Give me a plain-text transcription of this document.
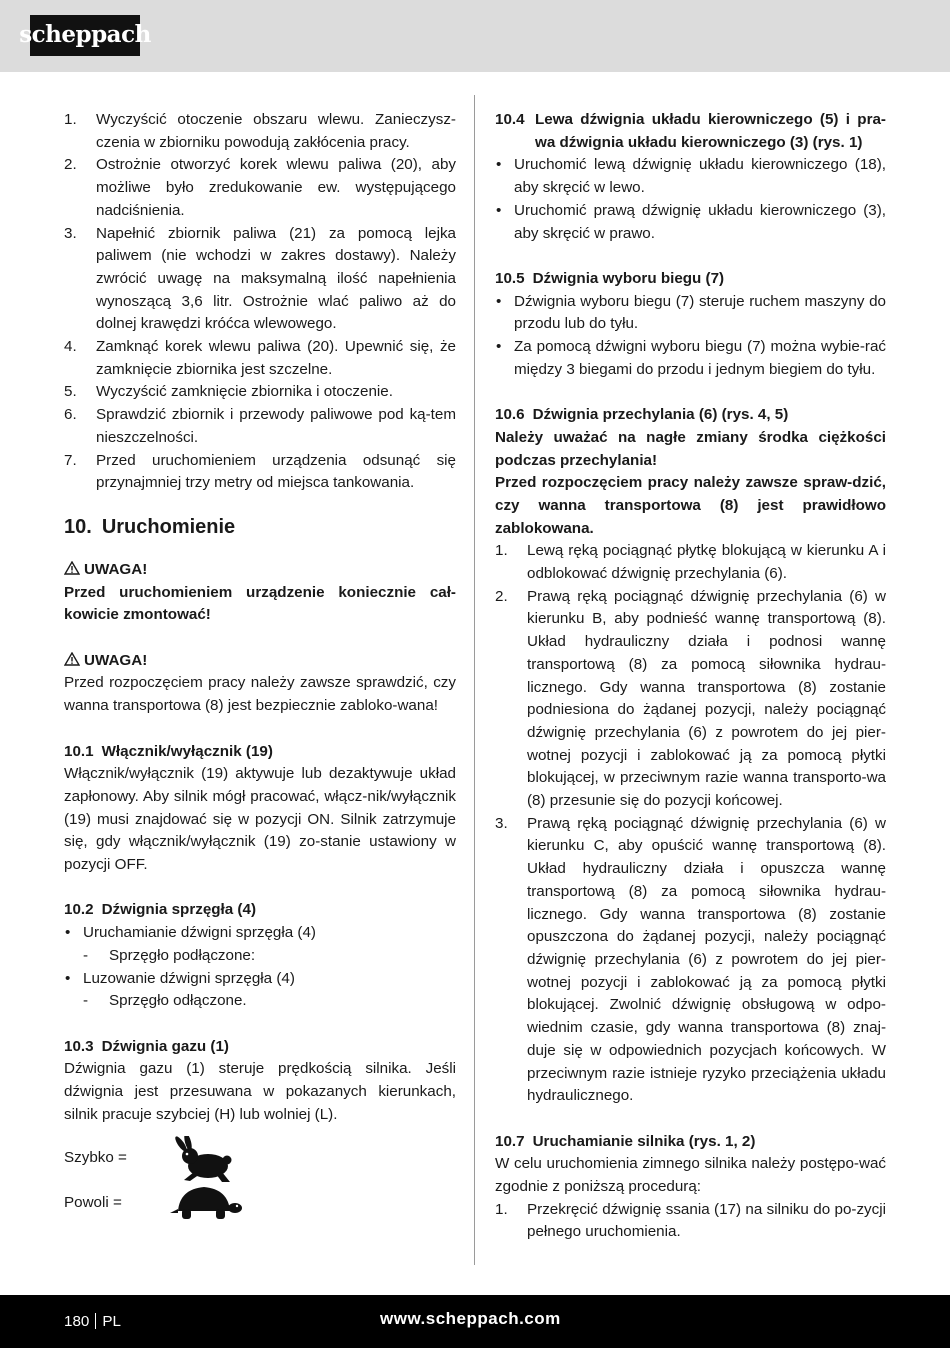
scheppach
1. Wyczyścić otoczenie obszaru wlewu. Zanieczysz-czenia w zbiorniku powodują zakłócenia pracy.
2. Ostrożnie otworzyć korek wlewu paliwa (20), aby możliwe było zredukowanie ew. występującego nadciśnienia.
3. Napełnić zbiornik paliwa (21) za pomocą lejka paliwem (nie wchodzi w zakres dostawy). Należy zwrócić uwagę na maksymalną ilość napełnienia wynoszącą 3,6 litr. Ostrożnie wlać paliwo aż do dolnej krawędzi króćca wlewowego.
4. Zamknąć korek wlewu paliwa (20). Upewnić się, że zamknięcie zbiornika jest szczelne.
5. Wyczyścić zamknięcie zbiornika i otoczenie.
6. Sprawdzić zbiornik i przewody paliwowe pod ką-tem nieszczelności.
7. Przed uruchomieniem urządzenia odsunąć się przynajmniej trzy metry od miejsca tankowania.
10. Uruchomienie

UWAGA!

Przed uruchomieniem urządzenie koniecznie cał-kowicie zmontować!

UWAGA!

Przed rozpoczęciem pracy należy zawsze sprawdzić, czy wanna transportowa (8) jest bezpiecznie zabloko-wana!

10.1 Włącznik/wyłącznik (19)

Włącznik/wyłącznik (19) aktywuje lub dezaktywuje układ zapłonowy. Aby silnik mógł pracować, włącz-nik/wyłącznik (19) musi znajdować się w pozycji ON. Silnik zatrzymuje się, gdy włącznik/wyłącznik (19) zo-stanie ustawiony w pozycji OFF.

10.2 Dźwignia sprzęgła (4)

• Uruchamianie dźwigni sprzęgła (4)

- Sprzęgło podłączone:

• Luzowanie dźwigni sprzęgła (4)

- Sprzęgło odłączone.

10.3 Dźwignia gazu (1)

Dźwignia gazu (1) steruje prędkością silnika. Jeśli dźwignia jest przesuwana w pokazanych kierunkach, silnik pracuje szybciej (H) lub wolniej (L).

Szybko =
Powoli =

10.4 Lewa dźwignia układu kierowniczego (5) i pra-wa dźwignia układu kierowniczego (3) (rys. 1)

• Uruchomić lewą dźwignię układu kierowniczego (18), aby skręcić w lewo.
• Uruchomić prawą dźwignię układu kierowniczego (3), aby skręcić w prawo.

10.5 Dźwignia wyboru biegu (7)

• Dźwignia wyboru biegu (7) steruje ruchem maszyny do przodu lub do tyłu.
• Za pomocą dźwigni wyboru biegu (7) można wybie-rać między 3 biegami do przodu i jednym biegiem do tyłu.

10.6 Dźwignia przechylania (6) (rys. 4, 5)

Należy uważać na nagłe zmiany środka ciężkości podczas przechylania!

Przed rozpoczęciem pracy należy zawsze spraw-dzić, czy wanna transportowa (8) jest prawidłowo zablokowana.

1. Lewą ręką pociągnąć płytkę blokującą w kierunku A i odblokować dźwignię przechylania (6).
2. Prawą ręką pociągnąć dźwignię przechylania (6) w kierunku B, aby podnieść wannę transportową (8). Układ hydrauliczny działa i podnosi wannę transportową (8) za pomocą siłownika hydrau-licznego. Gdy wanna transportowa (8) zostanie podniesiona do żądanej pozycji, należy pociągnąć dźwignię przechylania (6) z powrotem do jej pier-wotnej pozycji i zablokować ją za pomocą płytki blokującej, w przeciwnym razie wanna transporto-wa (8) przesunie się do pozycji końcowej.
3. Prawą ręką pociągnąć dźwignię przechylania (6) w kierunku C, aby opuścić wannę transportową (8). Układ hydrauliczny działa i opuszcza wannę transportową (8) za pomocą siłownika hydrau-licznego. Gdy wanna transportowa (8) zostanie opuszczona do żądanej pozycji, należy pociągnąć dźwignię przechylania (6) z powrotem do jej pier-wotnej pozycji i zablokować ją za pomocą płytki blokującej. Zwolnić dźwignię obsługową w odpo-wiednim czasie, gdy wanna transportowa (8) znaj-duje się w odpowiednich pozycjach końcowych. W przeciwnym razie istnieje ryzyko przeciążenia układu hydraulicznego.

10.7 Uruchamianie silnika (rys. 1, 2)

W celu uruchomienia zimnego silnika należy postępo-wać zgodnie z poniższą procedurą:

1. Przekręcić dźwignię ssania (17) na silniku do po-zycji pełnego uruchomienia.
180 PL	www.scheppach.com
